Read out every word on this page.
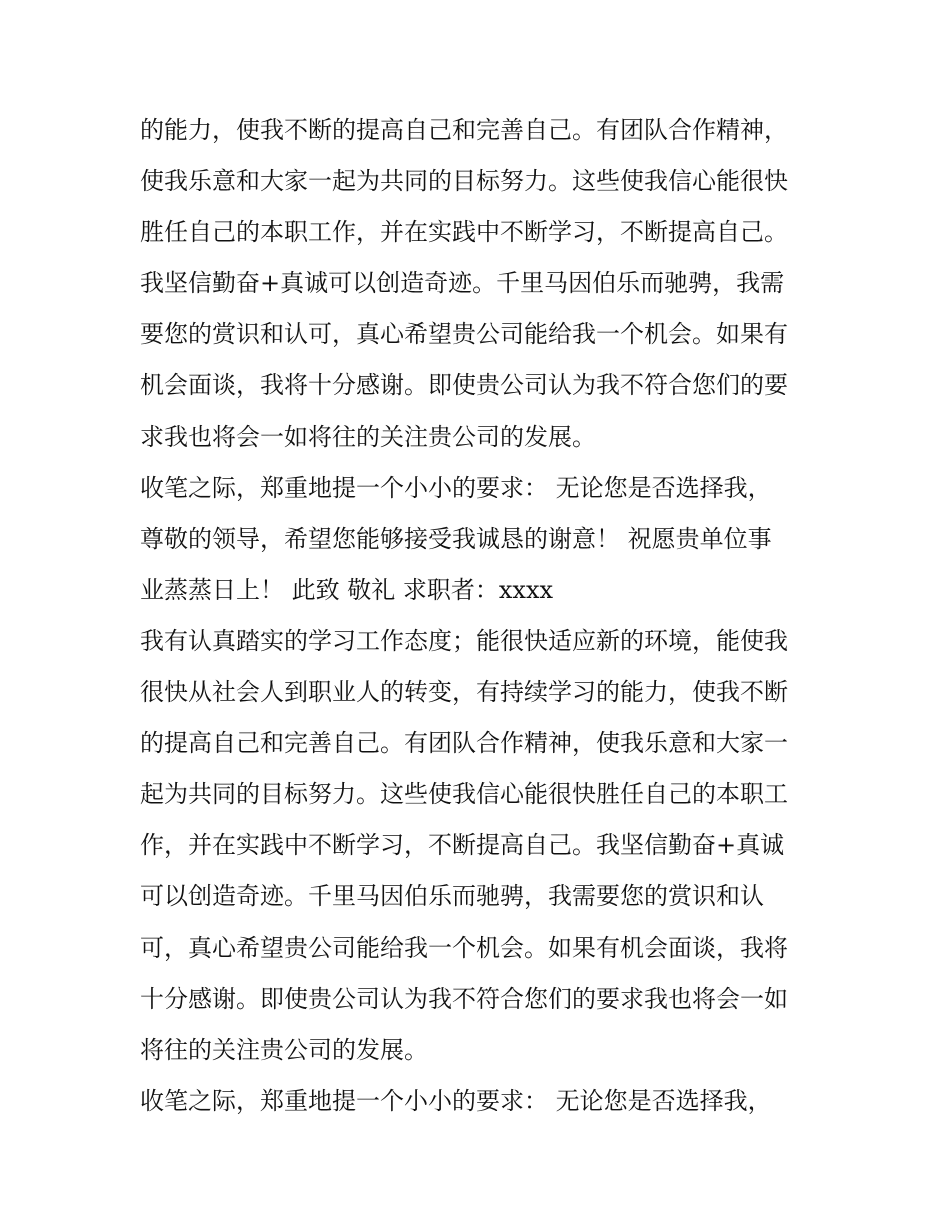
的能力，使我不断的提高自己和完善自己。有团队合作精神，
使我乐意和大家一起为共同的目标努力。这些使我信心能很快
胜任自己的本职工作，并在实践中不断学习，不断提高自己。
我坚信勤奋+真诚可以创造奇迹。千里马因伯乐而驰骋，我需
要您的赏识和认可，真心希望贵公司能给我一个机会。如果有
机会面谈，我将十分感谢。即使贵公司认为我不符合您们的要
求我也将会一如将往的关注贵公司的发展。
收笔之际，郑重地提一个小小的要求： 无论您是否选择我，
尊敬的领导，希望您能够接受我诚恳的谢意！ 祝愿贵单位事
业蒸蒸日上！ 此致 敬礼 求职者：xxxx
我有认真踏实的学习工作态度；能很快适应新的环境，能使我
很快从社会人到职业人的转变，有持续学习的能力，使我不断
的提高自己和完善自己。有团队合作精神，使我乐意和大家一
起为共同的目标努力。这些使我信心能很快胜任自己的本职工
作，并在实践中不断学习，不断提高自己。我坚信勤奋+真诚
可以创造奇迹。千里马因伯乐而驰骋，我需要您的赏识和认
可，真心希望贵公司能给我一个机会。如果有机会面谈，我将
十分感谢。即使贵公司认为我不符合您们的要求我也将会一如
将往的关注贵公司的发展。
收笔之际，郑重地提一个小小的要求： 无论您是否选择我，
